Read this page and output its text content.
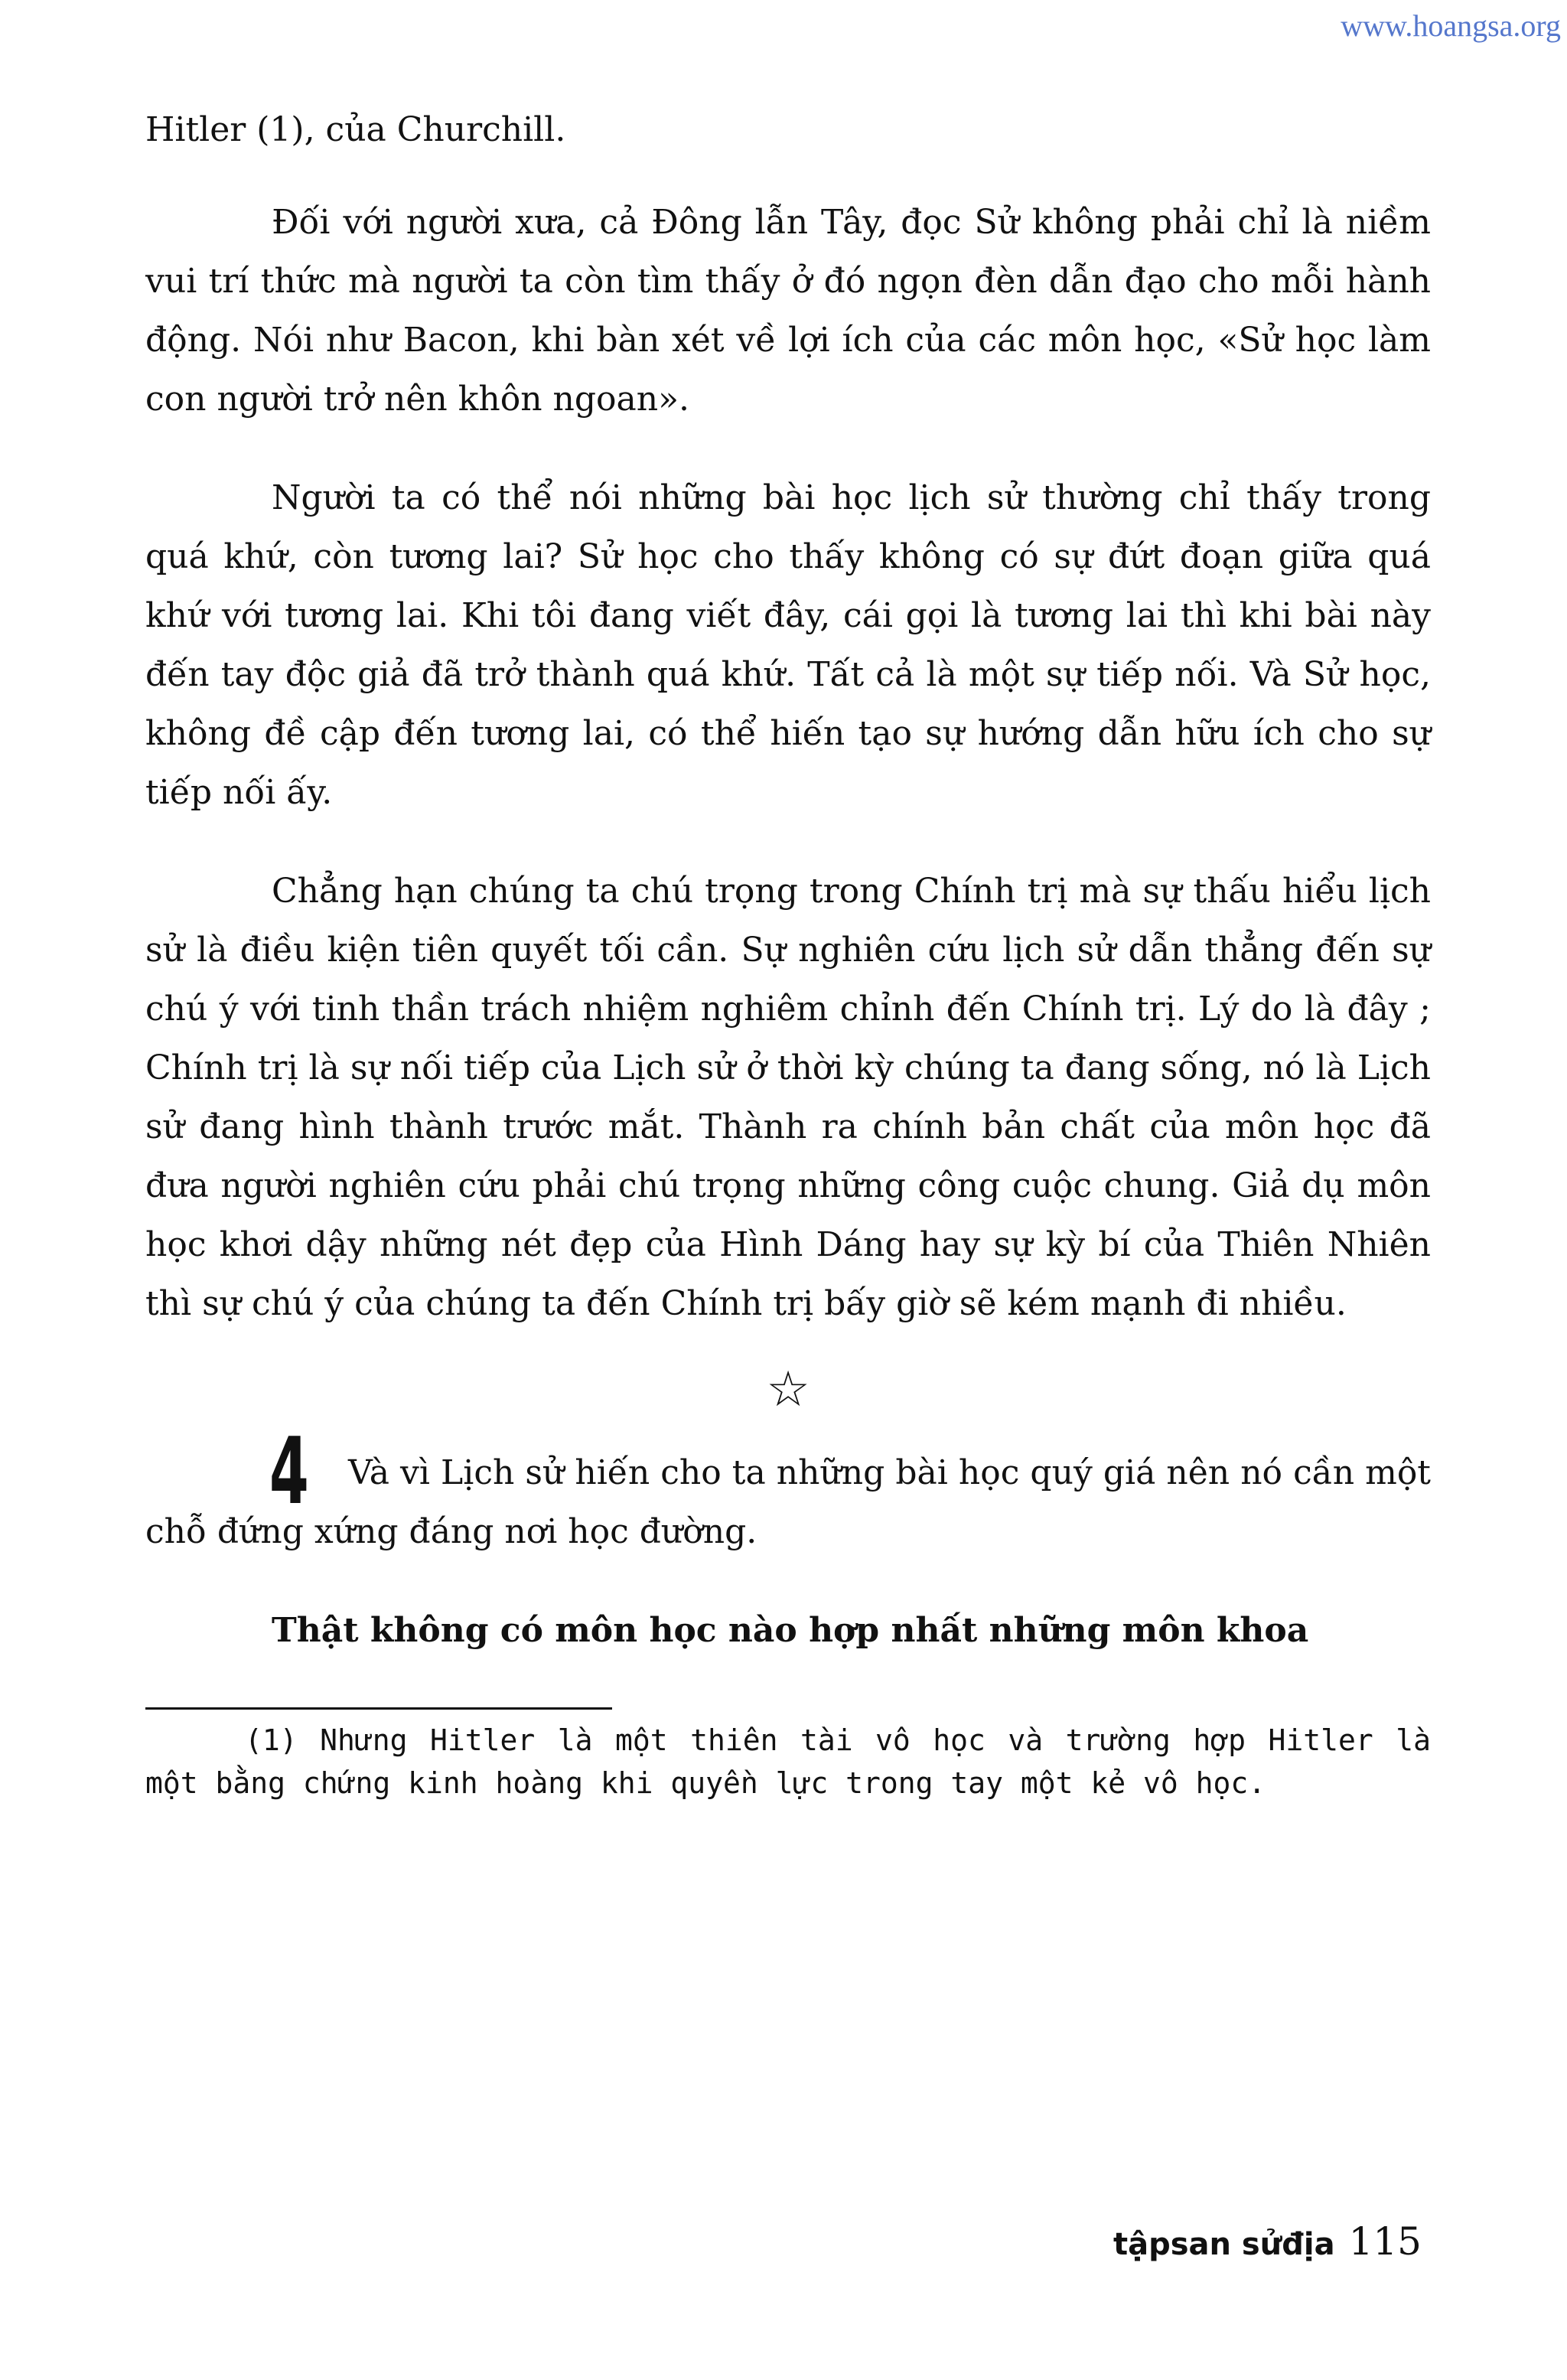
www.hoangsa.org

Hitler (1), của Churchill.

Đối với người xưa, cả Đông lẫn Tây, đọc Sử không phải chỉ là niềm vui trí thức mà người ta còn tìm thấy ở đó ngọn đèn dẫn đạo cho mỗi hành động. Nói như Bacon, khi bàn xét về lợi ích của các môn học, «Sử học làm con người trở nên khôn ngoan».

Người ta có thể nói những bài học lịch sử thường chỉ thấy trong quá khứ, còn tương lai? Sử học cho thấy không có sự đứt đoạn giữa quá khứ với tương lai. Khi tôi đang viết đây, cái gọi là tương lai thì khi bài này đến tay độc giả đã trở thành quá khứ. Tất cả là một sự tiếp nối. Và Sử học, không đề cập đến tương lai, có thể hiến tạo sự hướng dẫn hữu ích cho sự tiếp nối ấy.

Chẳng hạn chúng ta chú trọng trong Chính trị mà sự thấu hiểu lịch sử là điều kiện tiên quyết tối cần. Sự nghiên cứu lịch sử dẫn thẳng đến sự chú ý với tinh thần trách nhiệm nghiêm chỉnh đến Chính trị. Lý do là đây ; Chính trị là sự nối tiếp của Lịch sử ở thời kỳ chúng ta đang sống, nó là Lịch sử đang hình thành trước mắt. Thành ra chính bản chất của môn học đã đưa người nghiên cứu phải chú trọng những công cuộc chung. Giả dụ môn học khơi dậy những nét đẹp của Hình Dáng hay sự kỳ bí của Thiên Nhiên thì sự chú ý của chúng ta đến Chính trị bấy giờ sẽ kém mạnh đi nhiều.

☆
4	Và vì Lịch sử hiến cho ta những bài học quý giá nên nó cần một chỗ đứng xứng đáng nơi học đường.

Thật không có môn học nào hợp nhất những môn khoa

(1) Nhưng Hitler là một thiên tài vô học và trường hợp Hitler là một bằng chứng kinh hoàng khi quyền lực trong tay một kẻ vô học.

tậpsan sửđịa 115
